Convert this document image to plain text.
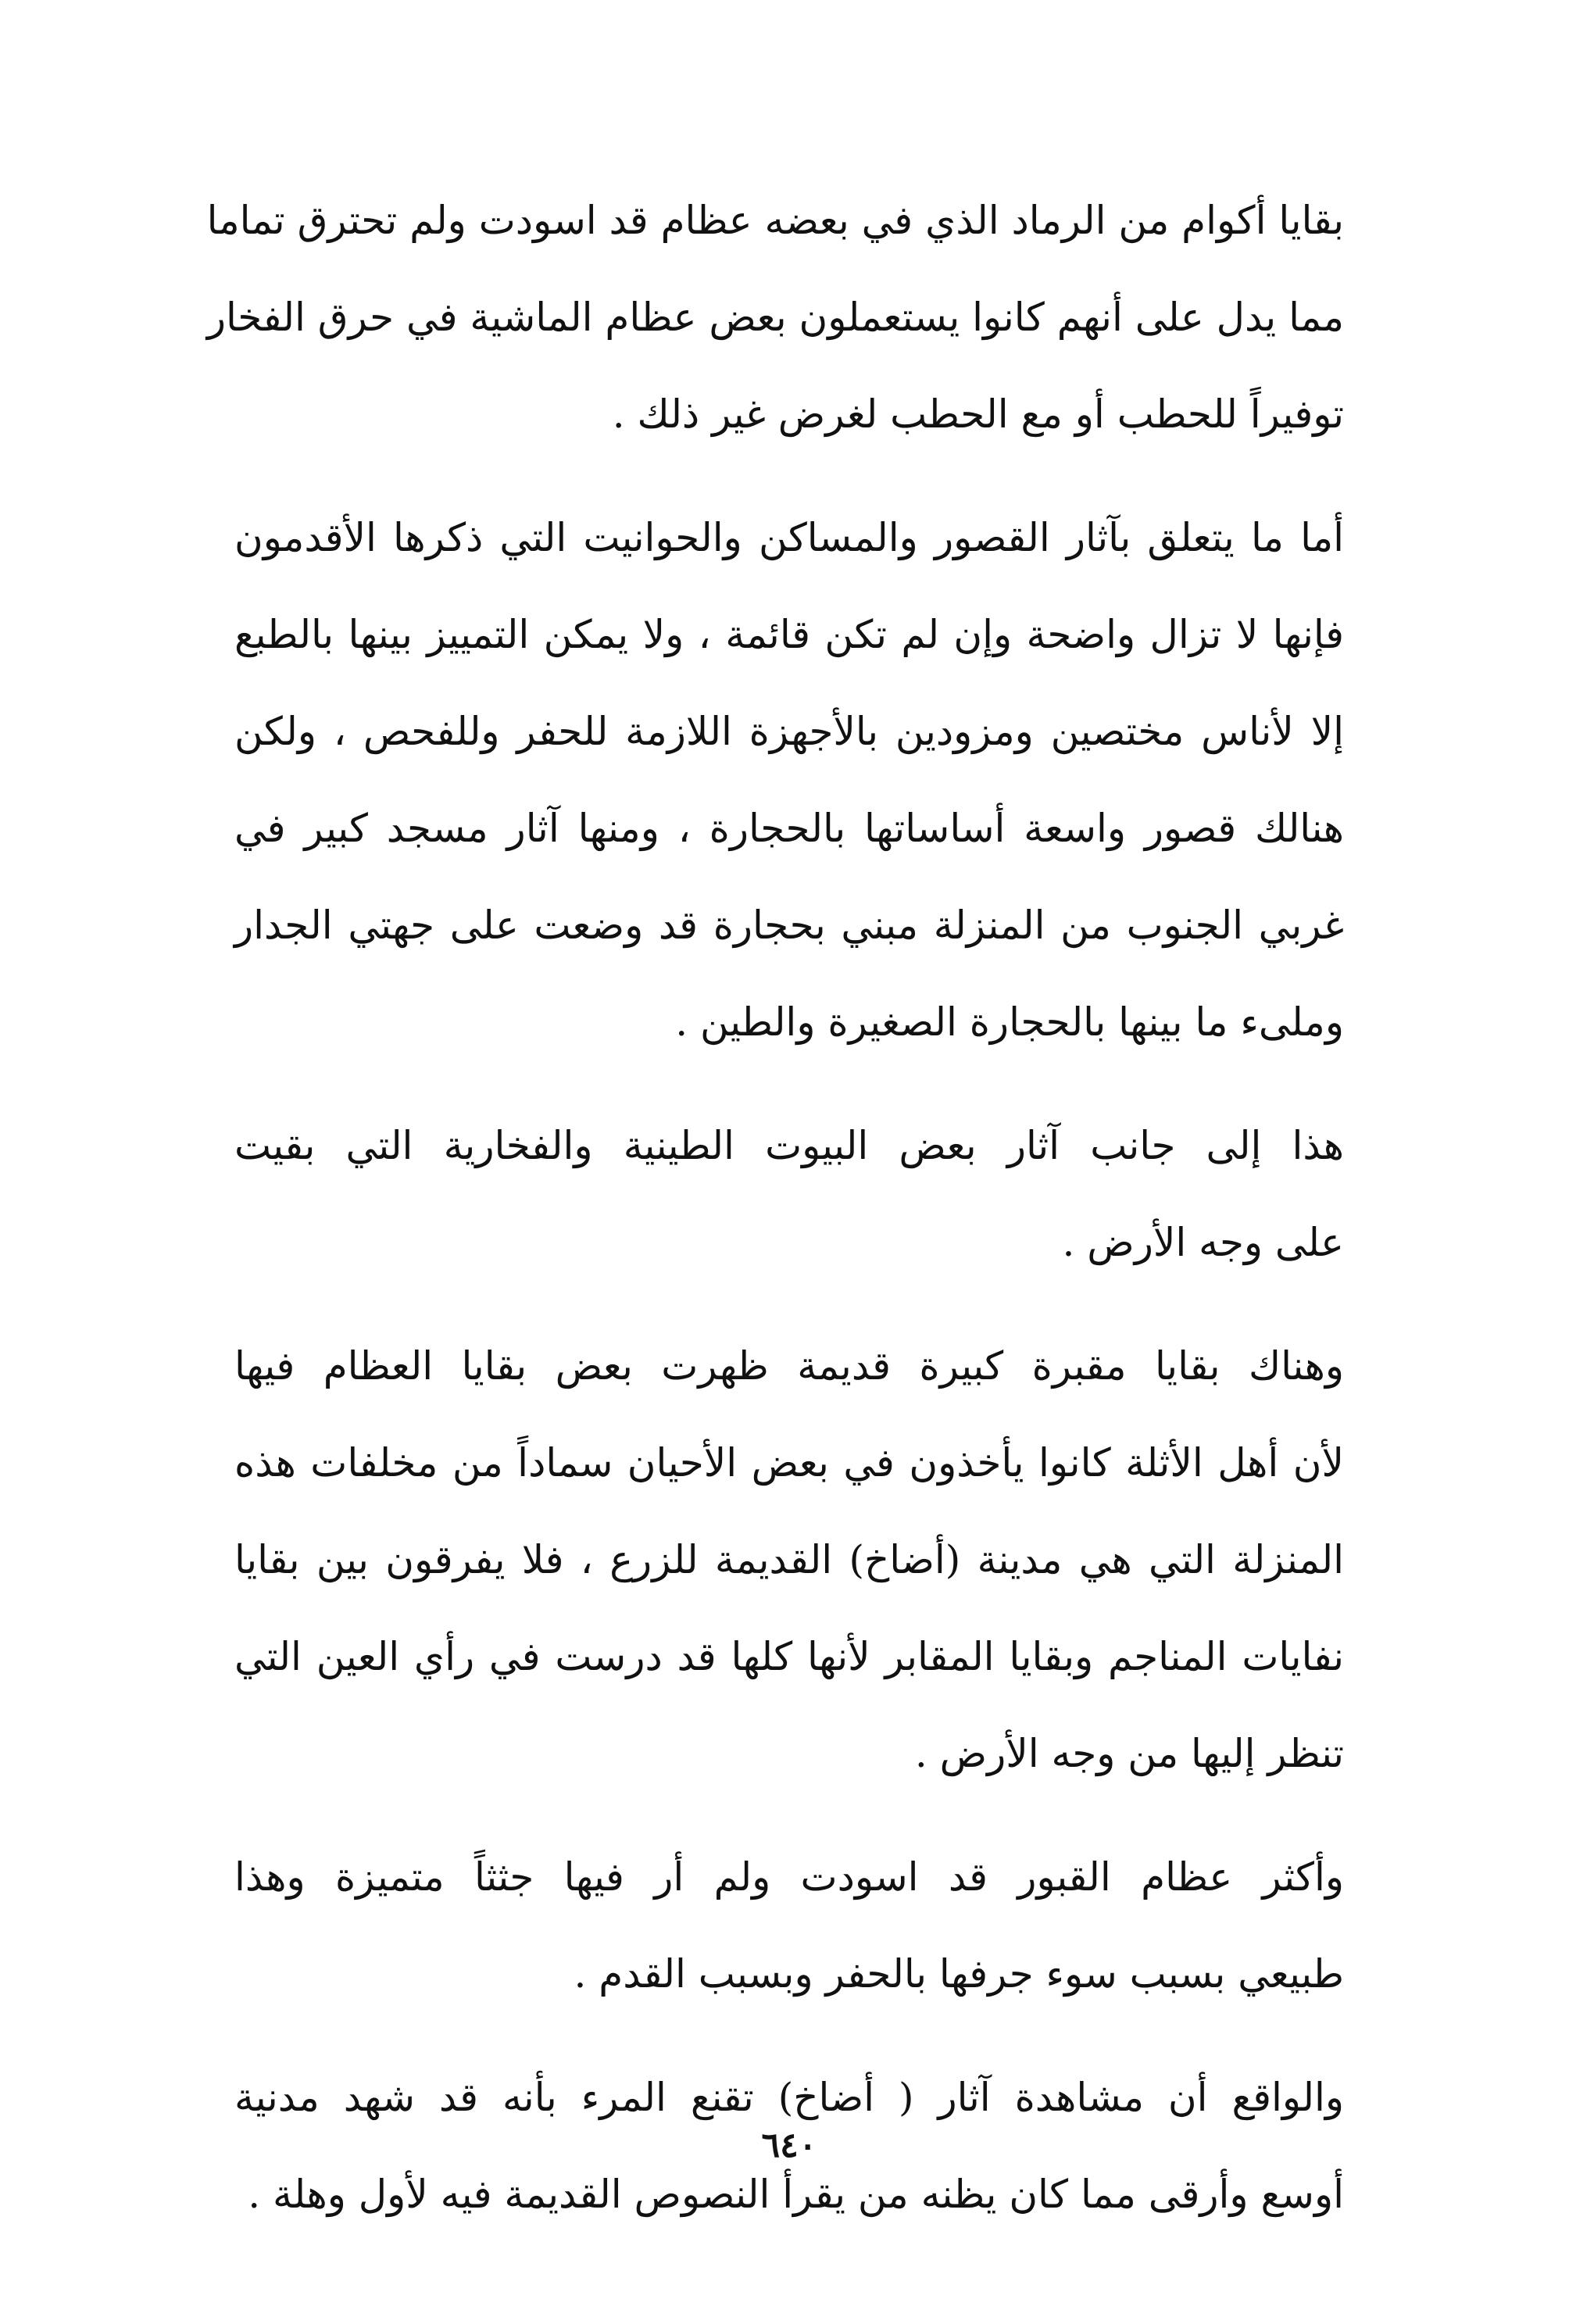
بقايا أكوام من الرماد الذي في بعضه عظام قد اسودت ولم تحترق تماما
مما يدل على أنهم كانوا يستعملون بعض عظام الماشية في حرق الفخار
توفيراً للحطب أو مع الحطب لغرض غير ذلك .
أما ما يتعلق بآثار القصور والمساكن والحوانيت التي ذكرها الأقدمون
فإنها لا تزال واضحة وإن لم تكن قائمة ، ولا يمكن التمييز بينها بالطبع
إلا لأناس مختصين ومزودين بالأجهزة اللازمة للحفر وللفحص ، ولكن
هنالك قصور واسعة أساساتها بالحجارة ، ومنها آثار مسجد كبير في
غربي الجنوب من المنزلة مبني بحجارة قد وضعت على جهتي الجدار
وملىء ما بينها بالحجارة الصغيرة والطين .
هذا إلى جانب آثار بعض البيوت الطينية والفخارية التي بقيت
على وجه الأرض .
وهناك بقايا مقبرة كبيرة قديمة ظهرت بعض بقايا العظام فيها
لأن أهل الأثلة كانوا يأخذون في بعض الأحيان سماداً من مخلفات هذه
المنزلة التي هي مدينة (أضاخ) القديمة للزرع ، فلا يفرقون بين بقايا
نفايات المناجم وبقايا المقابر لأنها كلها قد درست في رأي العين التي
تنظر إليها من وجه الأرض .
وأكثر عظام القبور قد اسودت ولم أر فيها جثثاً متميزة وهذا
طبيعي بسبب سوء جرفها بالحفر وبسبب القدم .
والواقع أن مشاهدة آثار ( أضاخ) تقنع المرء بأنه قد شهد مدنية
أوسع وأرقى مما كان يظنه من يقرأ النصوص القديمة فيه لأول وهلة .
٦٤٠
